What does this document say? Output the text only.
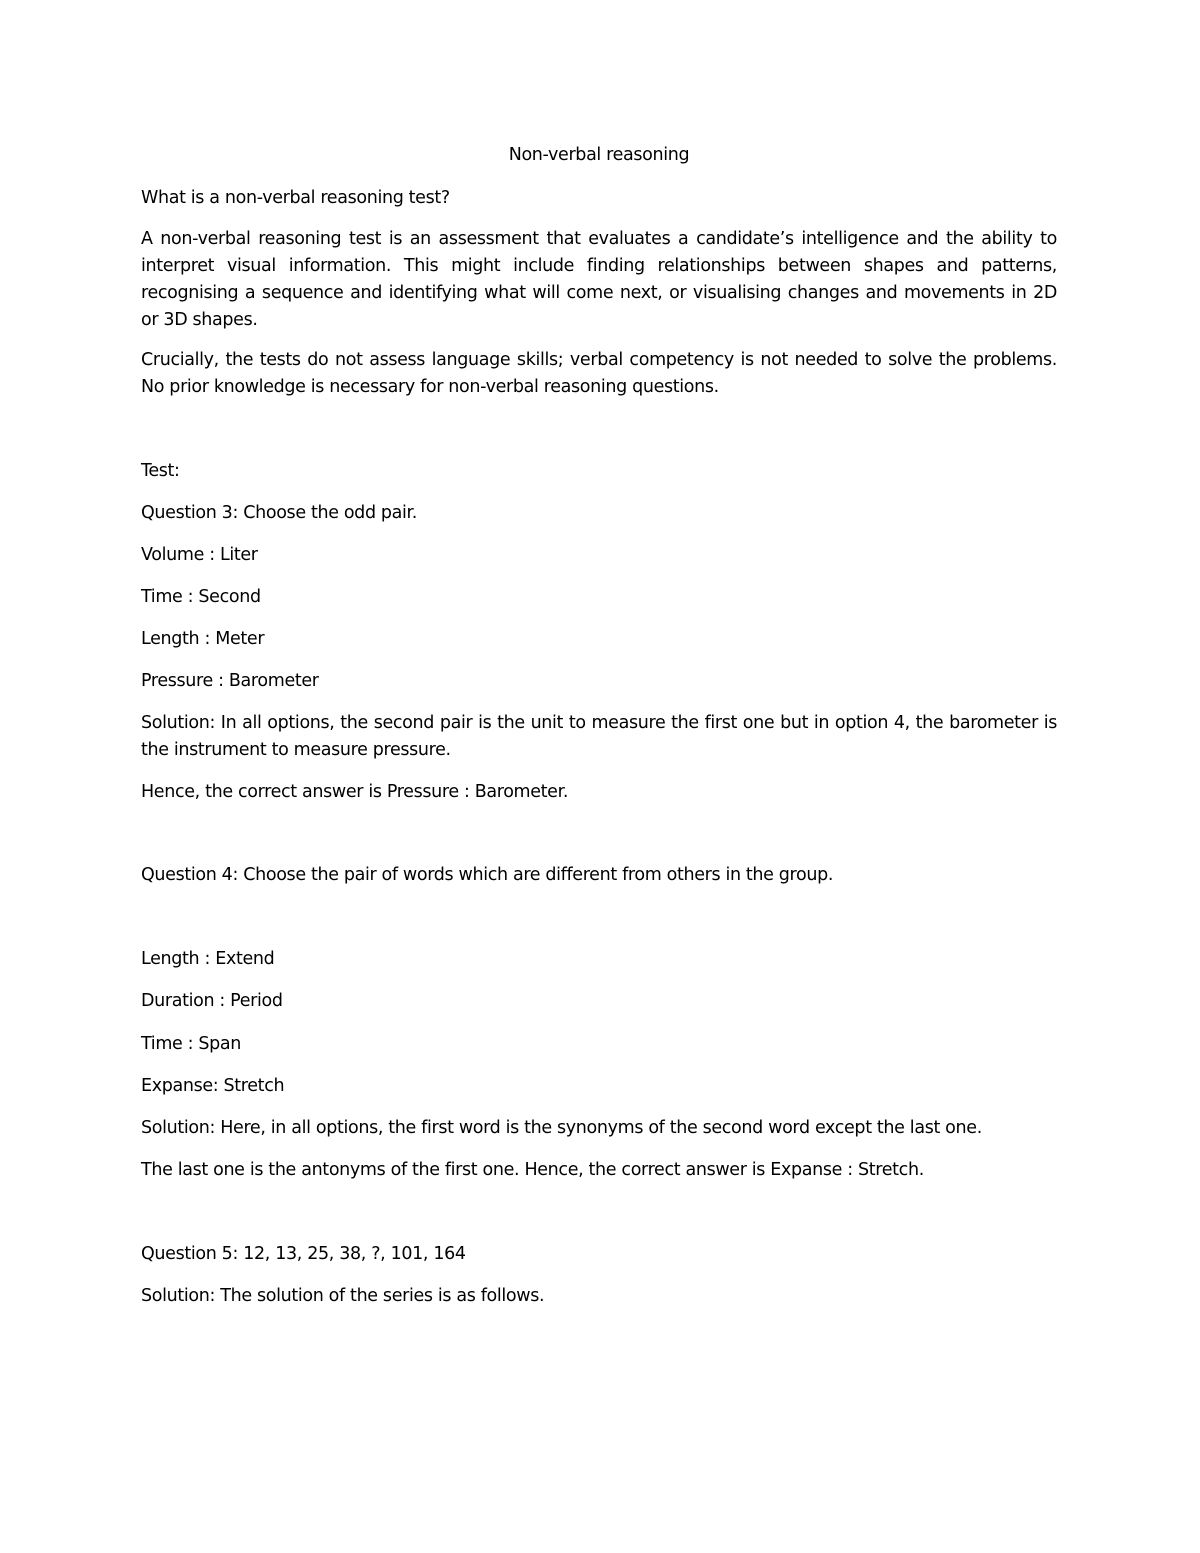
Non-verbal reasoning
What is a non-verbal reasoning test?
A non-verbal reasoning test is an assessment that evaluates a candidate’s intelligence and the ability to interpret visual information. This might include finding relationships between shapes and patterns, recognising a sequence and identifying what will come next, or visualising changes and movements in 2D or 3D shapes.
Crucially, the tests do not assess language skills; verbal competency is not needed to solve the problems. No prior knowledge is necessary for non-verbal reasoning questions.
Test:
Question 3: Choose the odd pair.
Volume : Liter
Time : Second
Length : Meter
Pressure : Barometer
Solution: In all options, the second pair is the unit to measure the first one but in option 4, the barometer is the instrument to measure pressure.
Hence, the correct answer is Pressure : Barometer.
Question 4: Choose the pair of words which are different from others in the group.
Length : Extend
Duration : Period
Time : Span
Expanse: Stretch
Solution: Here, in all options, the first word is the synonyms of the second word except the last one.
The last one is the antonyms of the first one. Hence, the correct answer is Expanse : Stretch.
Question 5: 12, 13, 25, 38, ?, 101, 164
Solution: The solution of the series is as follows.
